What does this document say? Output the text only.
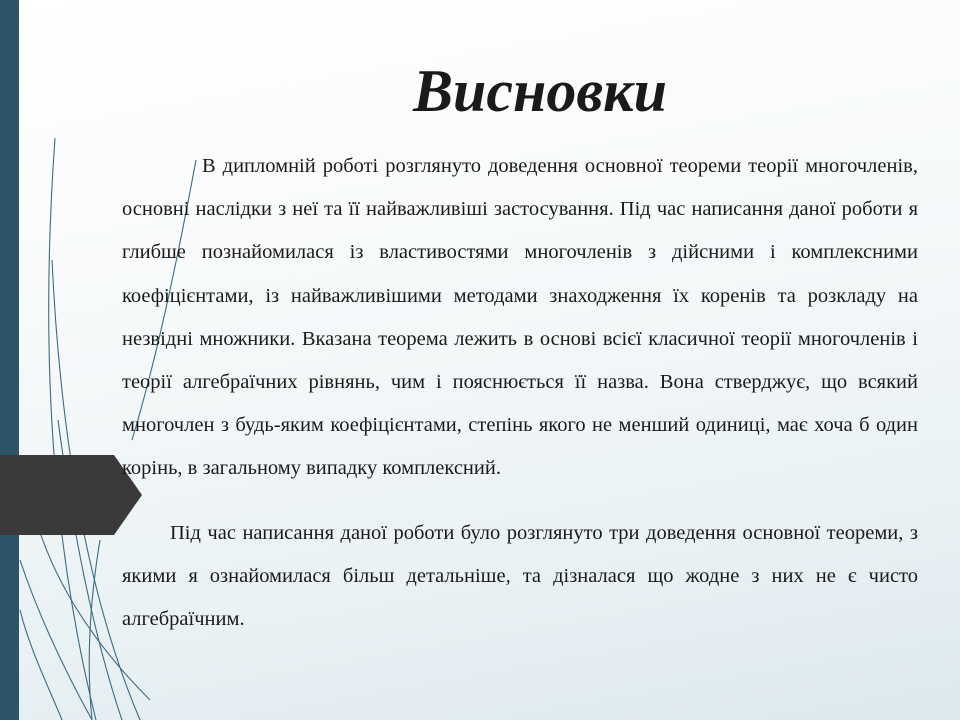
Висновки

В дипломній роботі розглянуто доведення основної теореми теорії многочленів, основні наслідки з неї та її найважливіші застосування. Під час написання даної роботи я глибше познайомилася із властивостями многочленів з дійсними і комплексними коефіцієнтами, із найважливішими методами знаходження їх коренів та розкладу на незвідні множники. Вказана теорема лежить в основі всієї класичної теорії многочленів і теорії алгебраїчних рівнянь, чим і пояснюється її назва. Вона стверджує, що всякий многочлен з будь-яким коефіцієнтами, степінь якого не менший одиниці, має хоча б один корінь, в загальному випадку комплексний.

Під час написання даної роботи було розглянуто три доведення основної теореми, з якими я ознайомилася більш детальніше, та дізналася що жодне з них не є чисто алгебраїчним.
